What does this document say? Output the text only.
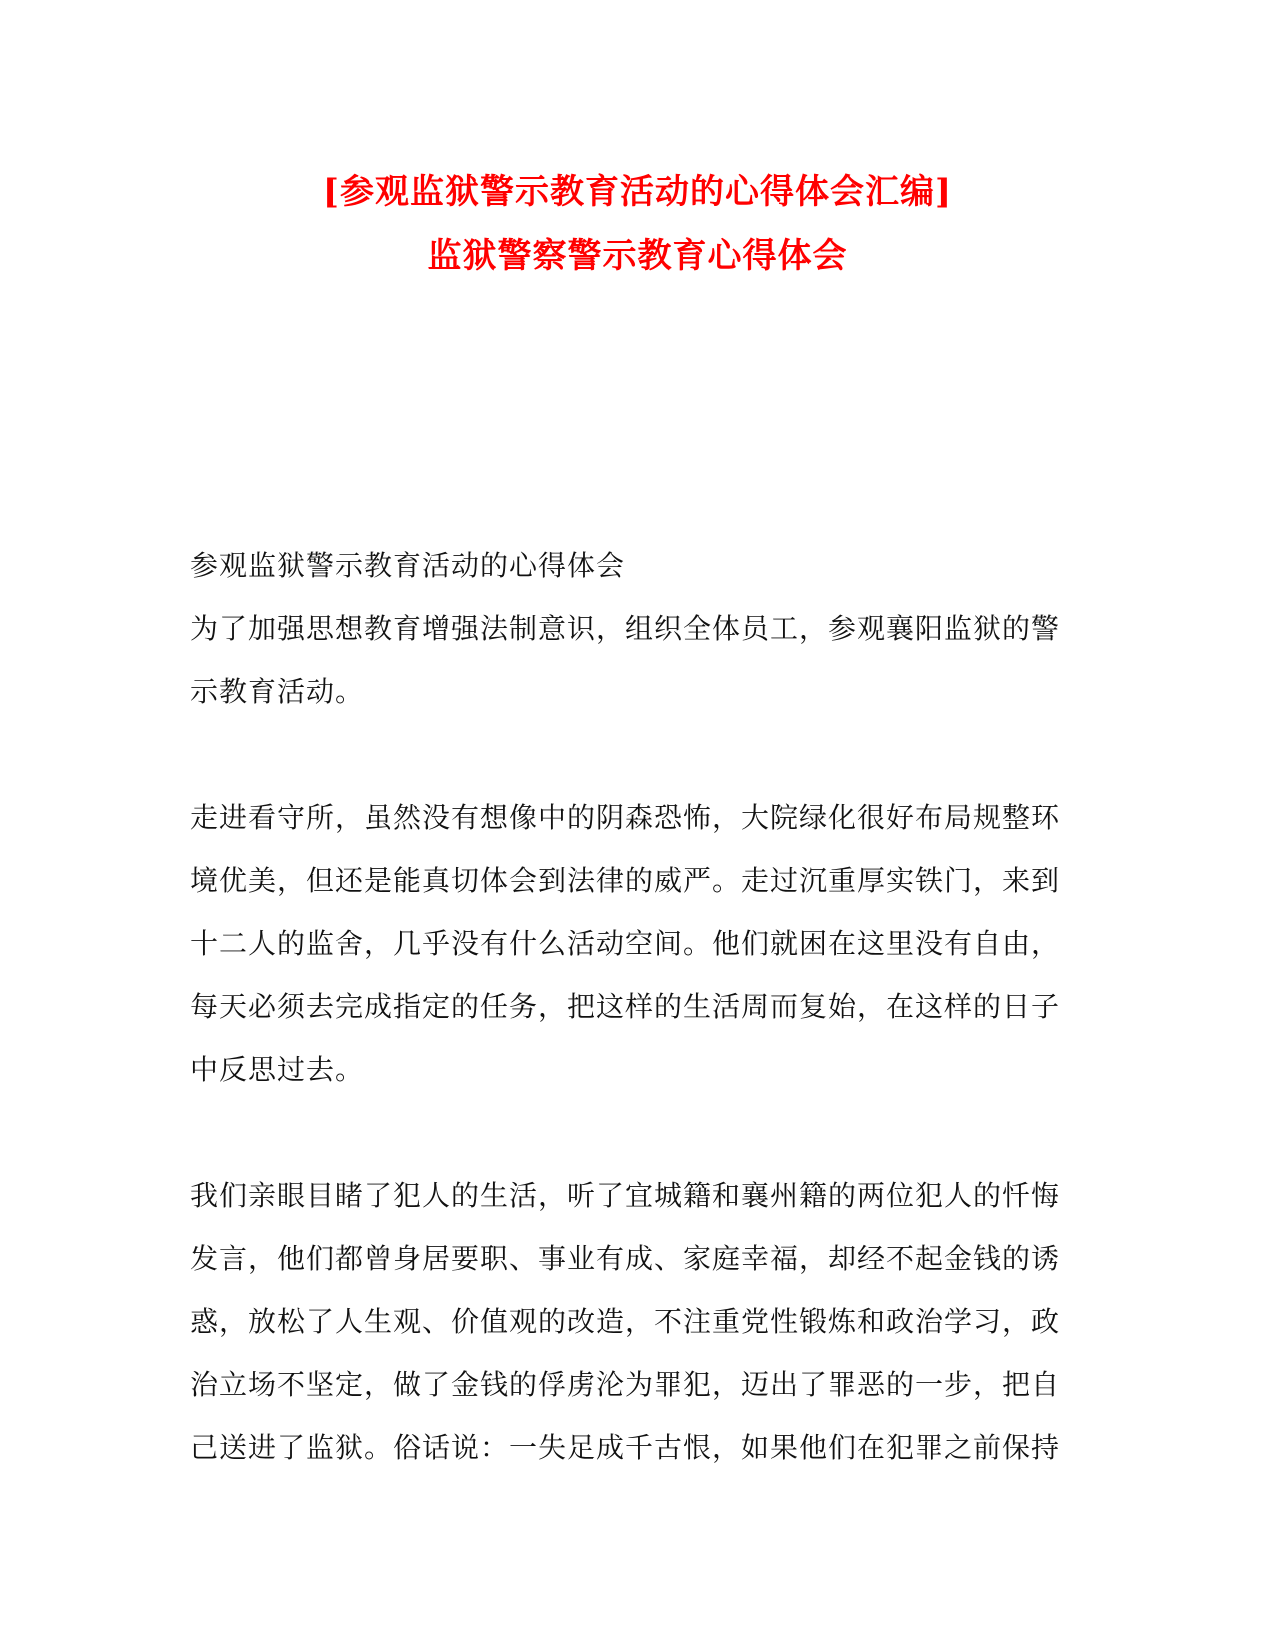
[参观监狱警示教育活动的心得体会汇编]
监狱警察警示教育心得体会

参观监狱警示教育活动的心得体会

为了加强思想教育增强法制意识，组织全体员工，参观襄阳监狱的警示教育活动。

走进看守所，虽然没有想像中的阴森恐怖，大院绿化很好布局规整环境优美，但还是能真切体会到法律的威严。走过沉重厚实铁门，来到十二人的监舍，几乎没有什么活动空间。他们就困在这里没有自由，每天必须去完成指定的任务，把这样的生活周而复始，在这样的日子中反思过去。

我们亲眼目睹了犯人的生活，听了宜城籍和襄州籍的两位犯人的忏悔发言，他们都曾身居要职、事业有成、家庭幸福，却经不起金钱的诱惑，放松了人生观、价值观的改造，不注重党性锻炼和政治学习，政治立场不坚定，做了金钱的俘虏沦为罪犯，迈出了罪恶的一步，把自己送进了监狱。俗话说：一失足成千古恨，如果他们在犯罪之前保持
